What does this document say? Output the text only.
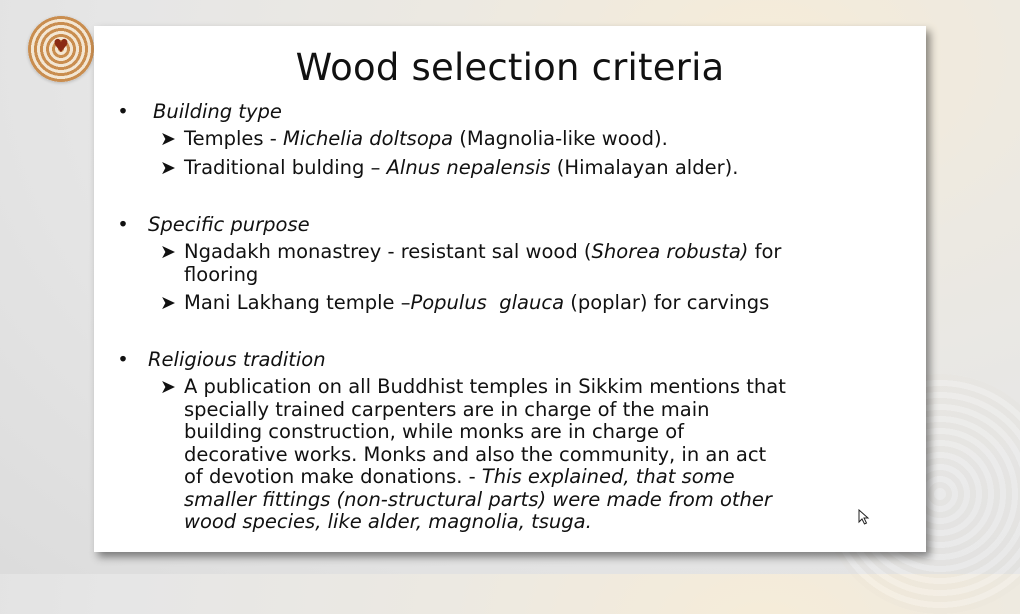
♥	Wood selection criteria
• Building type
➤ Temples - Michelia doltsopa (Magnolia-like wood).
➤ Traditional bulding – Alnus nepalensis (Himalayan alder).
• Specific purpose
➤ Ngadakh monastrey - resistant sal wood (Shorea robusta) for
flooring
➤ Mani Lakhang temple –Populus  glauca (poplar) for carvings
• Religious tradition
➤ A publication on all Buddhist temples in Sikkim mentions that
specially trained carpenters are in charge of the main
building construction, while monks are in charge of
decorative works. Monks and also the community, in an act
of devotion make donations. - This explained, that some
smaller fittings (non-structural parts) were made from other
wood species, like alder, magnolia, tsuga.
